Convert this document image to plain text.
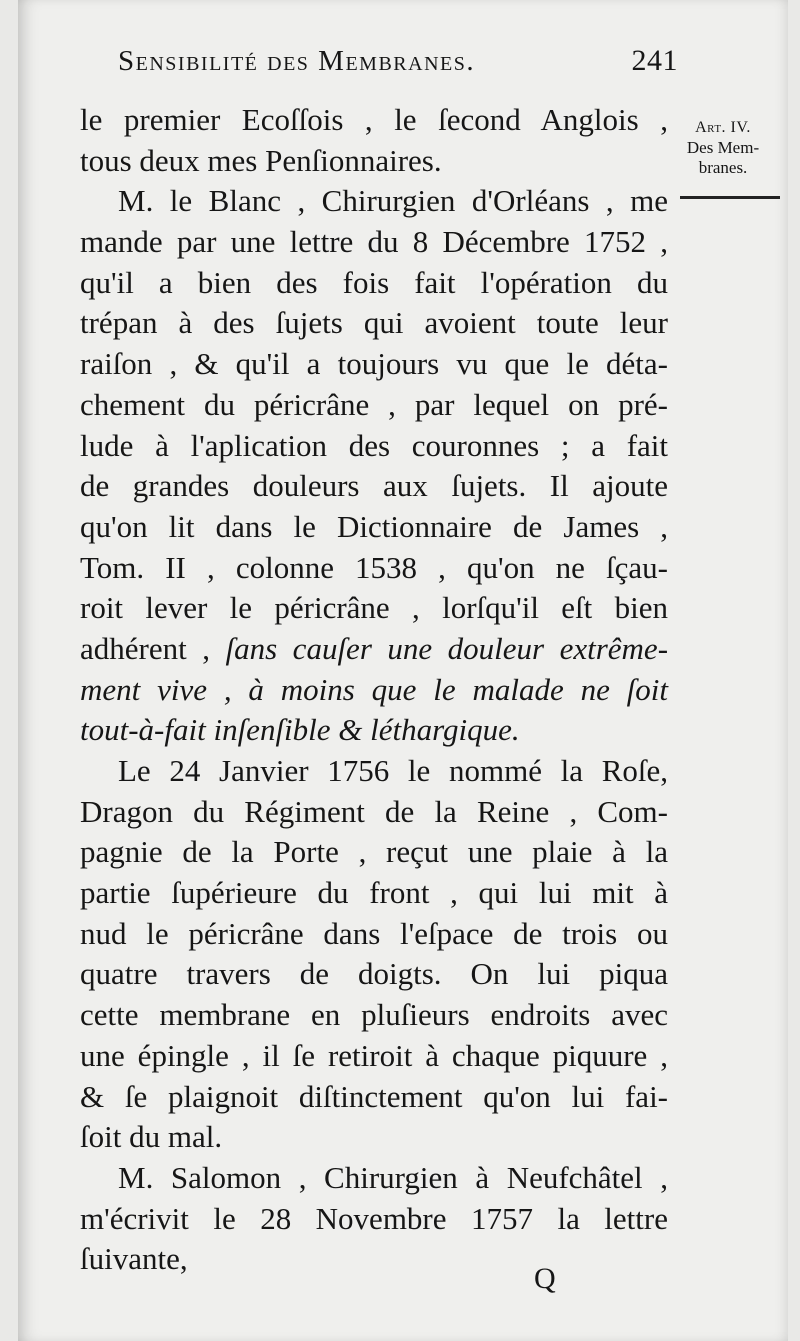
Sensibilité des Membranes.	241
Art. IV.
Des Mem-
branes.
le premier Ecoſſois , le ſecond Anglois ,
tous deux mes Penſionnaires.
M. le Blanc , Chirurgien d'Orléans , me
mande par une lettre du 8 Décembre 1752 ,
qu'il a bien des fois fait l'opération du
trépan à des ſujets qui avoient toute leur
raiſon , & qu'il a toujours vu que le déta-
chement du péricrâne , par lequel on pré-
lude à l'aplication des couronnes ; a fait
de grandes douleurs aux ſujets. Il ajoute
qu'on lit dans le Dictionnaire de James ,
Tom. II , colonne 1538 , qu'on ne ſçau-
roit lever le péricrâne , lorſqu'il eſt bien
adhérent , ſans cauſer une douleur extrême-
ment vive , à moins que le malade ne ſoit
tout-à-fait inſenſible & léthargique.
Le 24 Janvier 1756 le nommé la Roſe,
Dragon du Régiment de la Reine , Com-
pagnie de la Porte , reçut une plaie à la
partie ſupérieure du front , qui lui mit à
nud le péricrâne dans l'eſpace de trois ou
quatre travers de doigts. On lui piqua
cette membrane en pluſieurs endroits avec
une épingle , il ſe retiroit à chaque piquure ,
& ſe plaignoit diſtinctement qu'on lui fai-
ſoit du mal.
M. Salomon , Chirurgien à Neufchâtel ,
m'écrivit le 28 Novembre 1757 la lettre
ſuivante,
Q
